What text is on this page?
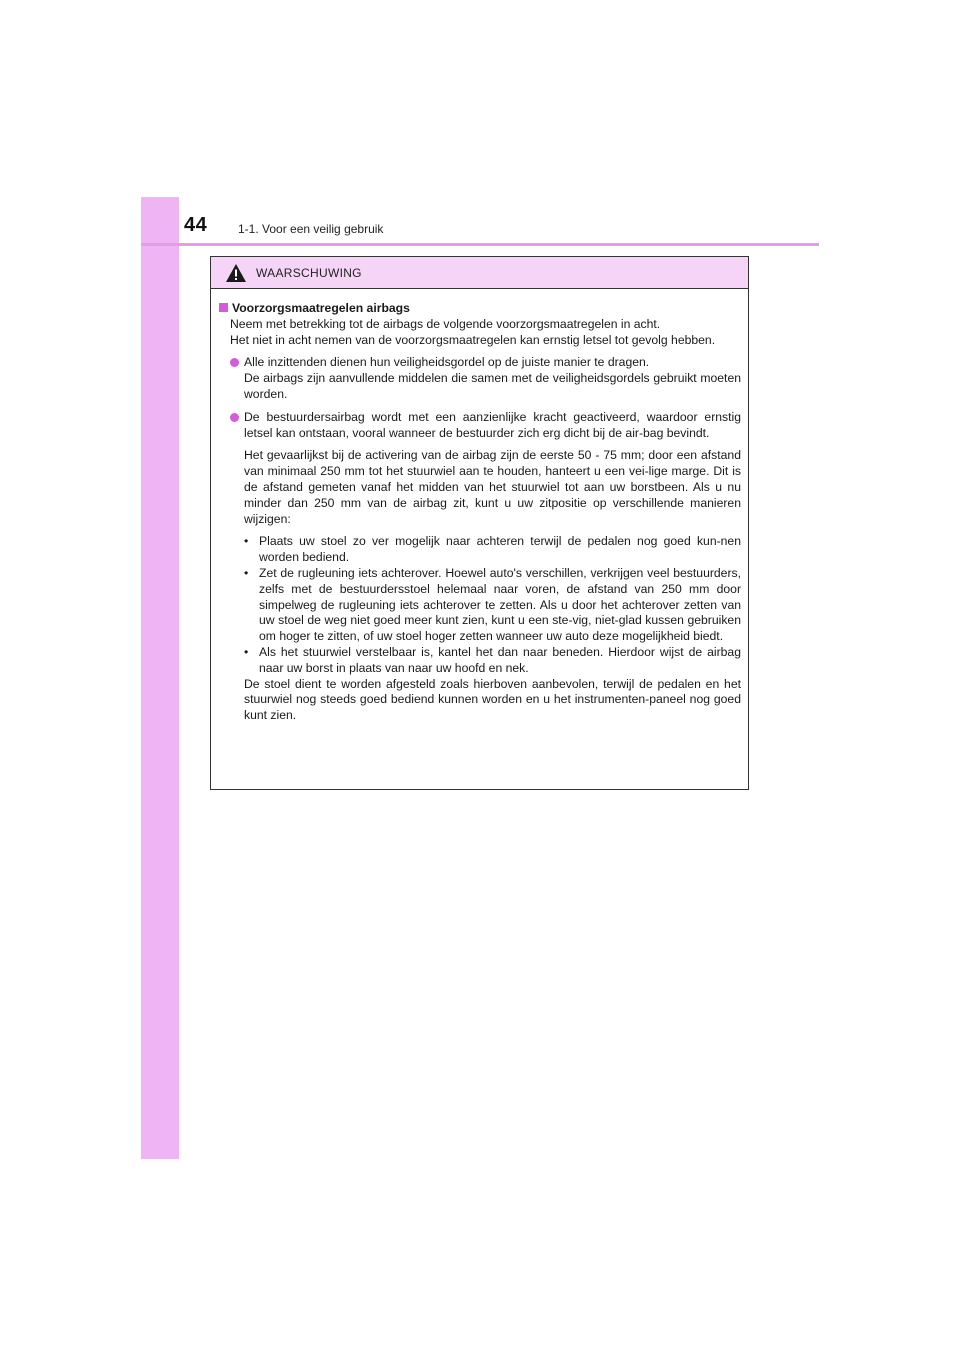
44	1-1. Voor een veilig gebruik
WAARSCHUWING
Voorzorgsmaatregelen airbags

Neem met betrekking tot de airbags de volgende voorzorgsmaatregelen in acht.

Het niet in acht nemen van de voorzorgsmaatregelen kan ernstig letsel tot gevolg hebben.

Alle inzittenden dienen hun veiligheidsgordel op de juiste manier te dragen.

De airbags zijn aanvullende middelen die samen met de veiligheidsgordels gebruikt moeten worden.

De bestuurdersairbag wordt met een aanzienlijke kracht geactiveerd, waardoor ernstig letsel kan ontstaan, vooral wanneer de bestuurder zich erg dicht bij de air-bag bevindt.

Het gevaarlijkst bij de activering van de airbag zijn de eerste 50 - 75 mm; door een afstand van minimaal 250 mm tot het stuurwiel aan te houden, hanteert u een vei-lige marge. Dit is de afstand gemeten vanaf het midden van het stuurwiel tot aan uw borstbeen. Als u nu minder dan 250 mm van de airbag zit, kunt u uw zitpositie op verschillende manieren wijzigen:

• Plaats uw stoel zo ver mogelijk naar achteren terwijl de pedalen nog goed kun-nen worden bediend.
• Zet de rugleuning iets achterover. Hoewel auto's verschillen, verkrijgen veel bestuurders, zelfs met de bestuurdersstoel helemaal naar voren, de afstand van 250 mm door simpelweg de rugleuning iets achterover te zetten. Als u door het achterover zetten van uw stoel de weg niet goed meer kunt zien, kunt u een ste-vig, niet-glad kussen gebruiken om hoger te zitten, of uw stoel hoger zetten wanneer uw auto deze mogelijkheid biedt.
• Als het stuurwiel verstelbaar is, kantel het dan naar beneden. Hierdoor wijst de airbag naar uw borst in plaats van naar uw hoofd en nek.

De stoel dient te worden afgesteld zoals hierboven aanbevolen, terwijl de pedalen en het stuurwiel nog steeds goed bediend kunnen worden en u het instrumenten-paneel nog goed kunt zien.
